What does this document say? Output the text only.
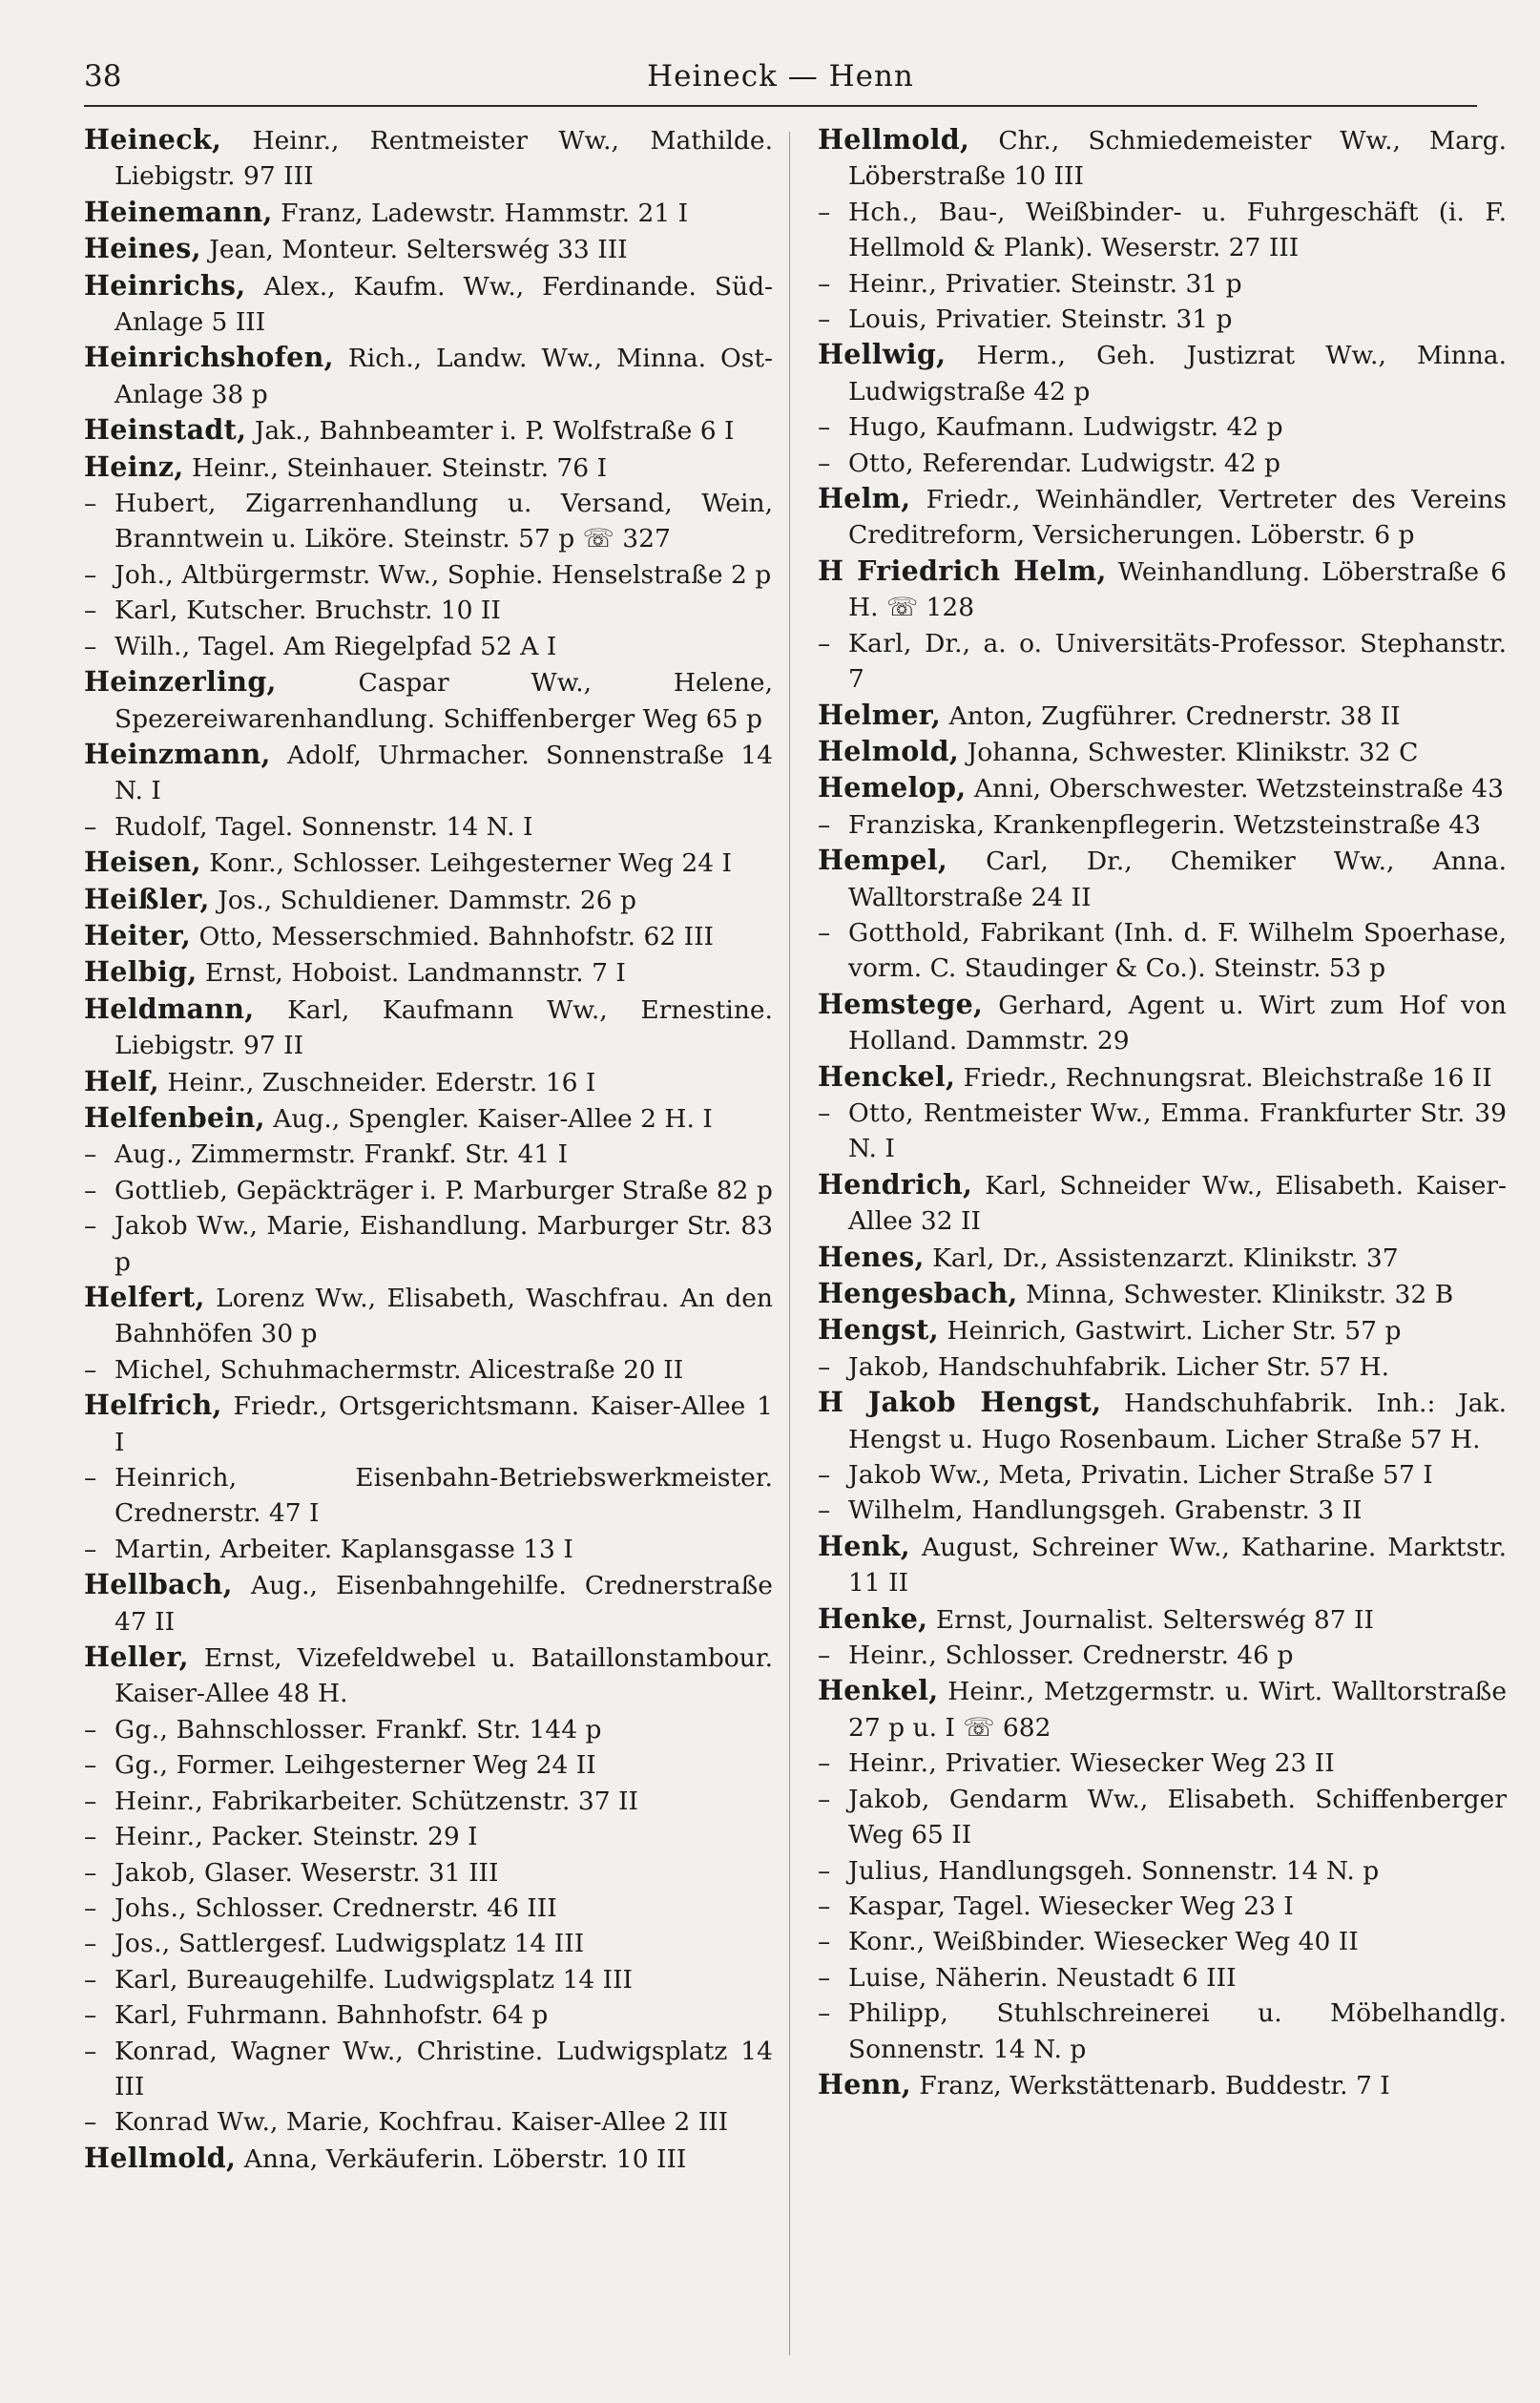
38	Heineck — Henn

Heineck, Heinr., Rentmeister Ww., Mathilde. Liebigstr. 97 III

Heinemann, Franz, Ladewstr. Hammstr. 21 I

Heines, Jean, Monteur. Selterswég 33 III

Heinrichs, Alex., Kaufm. Ww., Ferdinande. Süd-Anlage 5 III

Heinrichshofen, Rich., Landw. Ww., Minna. Ost-Anlage 38 p

Heinstadt, Jak., Bahnbeamter i. P. Wolfstraße 6 I

Heinz, Heinr., Steinhauer. Steinstr. 76 I

– Hubert, Zigarrenhandlung u. Versand, Wein, Branntwein u. Liköre. Steinstr. 57 p ☏ 327

– Joh., Altbürgermstr. Ww., Sophie. Henselstraße 2 p

– Karl, Kutscher. Bruchstr. 10 II

– Wilh., Tagel. Am Riegelpfad 52 A I

Heinzerling, Caspar Ww., Helene, Spezereiwarenhandlung. Schiffenberger Weg 65 p

Heinzmann, Adolf, Uhrmacher. Sonnenstraße 14 N. I

– Rudolf, Tagel. Sonnenstr. 14 N. I

Heisen, Konr., Schlosser. Leihgesterner Weg 24 I

Heißler, Jos., Schuldiener. Dammstr. 26 p

Heiter, Otto, Messerschmied. Bahnhofstr. 62 III

Helbig, Ernst, Hoboist. Landmannstr. 7 I

Heldmann, Karl, Kaufmann Ww., Ernestine. Liebigstr. 97 II

Helf, Heinr., Zuschneider. Ederstr. 16 I

Helfenbein, Aug., Spengler. Kaiser-Allee 2 H. I

– Aug., Zimmermstr. Frankf. Str. 41 I

– Gottlieb, Gepäckträger i. P. Marburger Straße 82 p

– Jakob Ww., Marie, Eishandlung. Marburger Str. 83 p

Helfert, Lorenz Ww., Elisabeth, Waschfrau. An den Bahnhöfen 30 p

– Michel, Schuhmachermstr. Alicestraße 20 II

Helfrich, Friedr., Ortsgerichtsmann. Kaiser-Allee 1 I

– Heinrich, Eisenbahn-Betriebswerkmeister. Crednerstr. 47 I

– Martin, Arbeiter. Kaplansgasse 13 I

Hellbach, Aug., Eisenbahngehilfe. Crednerstraße 47 II

Heller, Ernst, Vizefeldwebel u. Bataillonstambour. Kaiser-Allee 48 H.

– Gg., Bahnschlosser. Frankf. Str. 144 p

– Gg., Former. Leihgesterner Weg 24 II

– Heinr., Fabrikarbeiter. Schützenstr. 37 II

– Heinr., Packer. Steinstr. 29 I

– Jakob, Glaser. Weserstr. 31 III

– Johs., Schlosser. Crednerstr. 46 III

– Jos., Sattlergesf. Ludwigsplatz 14 III

– Karl, Bureaugehilfe. Ludwigsplatz 14 III

– Karl, Fuhrmann. Bahnhofstr. 64 p

– Konrad, Wagner Ww., Christine. Ludwigsplatz 14 III

– Konrad Ww., Marie, Kochfrau. Kaiser-Allee 2 III

Hellmold, Anna, Verkäuferin. Löberstr. 10 III

Hellmold, Chr., Schmiedemeister Ww., Marg. Löberstraße 10 III

– Hch., Bau-, Weißbinder- u. Fuhrgeschäft (i. F. Hellmold & Plank). Weserstr. 27 III

– Heinr., Privatier. Steinstr. 31 p

– Louis, Privatier. Steinstr. 31 p

Hellwig, Herm., Geh. Justizrat Ww., Minna. Ludwigstraße 42 p

– Hugo, Kaufmann. Ludwigstr. 42 p

– Otto, Referendar. Ludwigstr. 42 p

Helm, Friedr., Weinhändler, Vertreter des Vereins Creditreform, Versicherungen. Löberstr. 6 p

H Friedrich Helm, Weinhandlung. Löberstraße 6 H. ☏ 128

– Karl, Dr., a. o. Universitäts-Professor. Stephanstr. 7

Helmer, Anton, Zugführer. Crednerstr. 38 II

Helmold, Johanna, Schwester. Klinikstr. 32 C

Hemelop, Anni, Oberschwester. Wetzsteinstraße 43

– Franziska, Krankenpflegerin. Wetzsteinstraße 43

Hempel, Carl, Dr., Chemiker Ww., Anna. Walltorstraße 24 II

– Gotthold, Fabrikant (Inh. d. F. Wilhelm Spoerhase, vorm. C. Staudinger & Co.). Steinstr. 53 p

Hemstege, Gerhard, Agent u. Wirt zum Hof von Holland. Dammstr. 29

Henckel, Friedr., Rechnungsrat. Bleichstraße 16 II

– Otto, Rentmeister Ww., Emma. Frankfurter Str. 39 N. I

Hendrich, Karl, Schneider Ww., Elisabeth. Kaiser-Allee 32 II

Henes, Karl, Dr., Assistenzarzt. Klinikstr. 37

Hengesbach, Minna, Schwester. Klinikstr. 32 B

Hengst, Heinrich, Gastwirt. Licher Str. 57 p

– Jakob, Handschuhfabrik. Licher Str. 57 H.

H Jakob Hengst, Handschuhfabrik. Inh.: Jak. Hengst u. Hugo Rosenbaum. Licher Straße 57 H.

– Jakob Ww., Meta, Privatin. Licher Straße 57 I

– Wilhelm, Handlungsgeh. Grabenstr. 3 II

Henk, August, Schreiner Ww., Katharine. Marktstr. 11 II

Henke, Ernst, Journalist. Selterswég 87 II

– Heinr., Schlosser. Crednerstr. 46 p

Henkel, Heinr., Metzgermstr. u. Wirt. Walltorstraße 27 p u. I ☏ 682

– Heinr., Privatier. Wiesecker Weg 23 II

– Jakob, Gendarm Ww., Elisabeth. Schiffenberger Weg 65 II

– Julius, Handlungsgeh. Sonnenstr. 14 N. p

– Kaspar, Tagel. Wiesecker Weg 23 I

– Konr., Weißbinder. Wiesecker Weg 40 II

– Luise, Näherin. Neustadt 6 III

– Philipp, Stuhlschreinerei u. Möbelhandlg. Sonnenstr. 14 N. p

Henn, Franz, Werkstättenarb. Buddestr. 7 I
